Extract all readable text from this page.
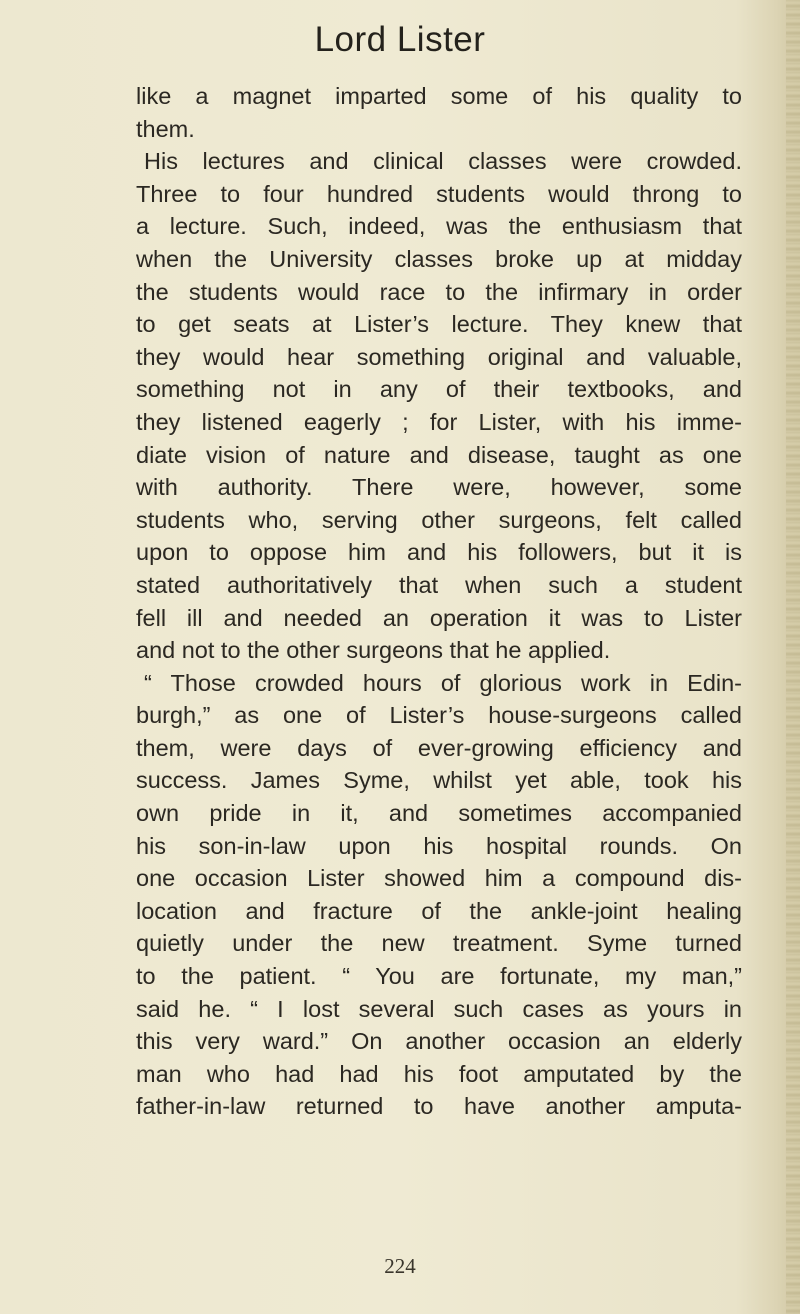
Lord Lister
like a magnet imparted some of his quality to
them.
His lectures and clinical classes were crowded.
Three to four hundred students would throng to
a lecture. Such, indeed, was the enthusiasm that
when the University classes broke up at midday
the students would race to the infirmary in order
to get seats at Lister’s lecture. They knew that
they would hear something original and valuable,
something not in any of their textbooks, and
they listened eagerly ; for Lister, with his imme-
diate vision of nature and disease, taught as one
with authority. There were, however, some
students who, serving other surgeons, felt called
upon to oppose him and his followers, but it is
stated authoritatively that when such a student
fell ill and needed an operation it was to Lister
and not to the other surgeons that he applied.
“ Those crowded hours of glorious work in Edin-
burgh,” as one of Lister’s house-surgeons called
them, were days of ever-growing efficiency and
success. James Syme, whilst yet able, took his
own pride in it, and sometimes accompanied
his son-in-law upon his hospital rounds. On
one occasion Lister showed him a compound dis-
location and fracture of the ankle-joint healing
quietly under the new treatment. Syme turned
to the patient. “ You are fortunate, my man,”
said he. “ I lost several such cases as yours in
this very ward.” On another occasion an elderly
man who had had his foot amputated by the
father-in-law returned to have another amputa-
224
